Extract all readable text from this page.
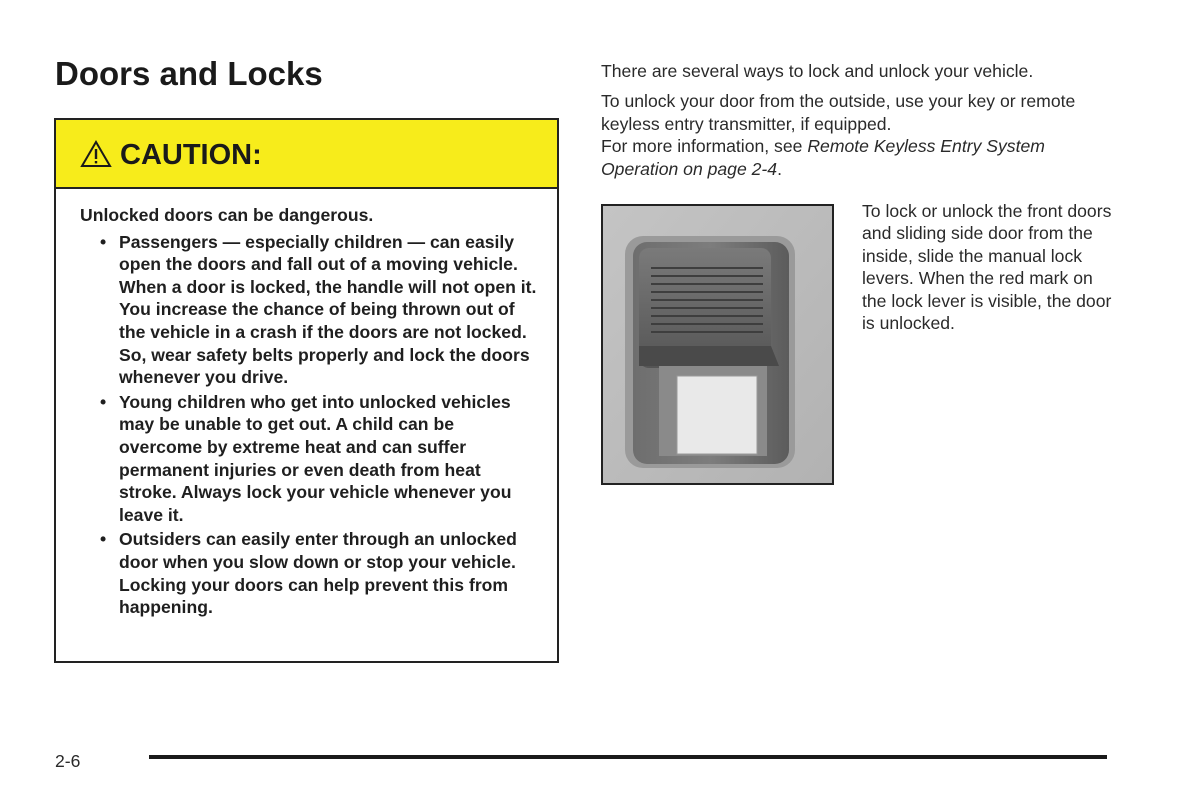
Doors and Locks
CAUTION:

Unlocked doors can be dangerous.

• Passengers — especially children — can easily open the doors and fall out of a moving vehicle. When a door is locked, the handle will not open it. You increase the chance of being thrown out of the vehicle in a crash if the doors are not locked. So, wear safety belts properly and lock the doors whenever you drive.
• Young children who get into unlocked vehicles may be unable to get out. A child can be overcome by extreme heat and can suffer permanent injuries or even death from heat stroke. Always lock your vehicle whenever you leave it.
• Outsiders can easily enter through an unlocked door when you slow down or stop your vehicle. Locking your doors can help prevent this from happening.

There are several ways to lock and unlock your vehicle.

To unlock your door from the outside, use your key or remote keyless entry transmitter, if equipped.
For more information, see Remote Keyless Entry System Operation on page 2-4.

To lock or unlock the front doors and sliding side door from the inside, slide the manual lock levers. When the red mark on the lock lever is visible, the door is unlocked.

2-6
